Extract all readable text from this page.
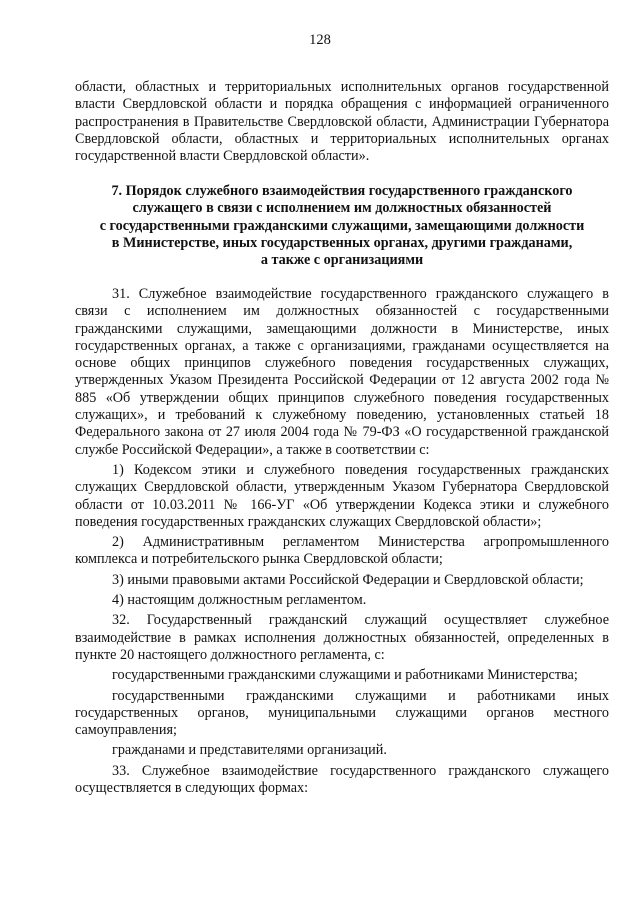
128

области, областных и территориальных исполнительных органов государственной власти Свердловской области и порядка обращения с информацией ограниченного распространения в Правительстве Свердловской области, Администрации Губернатора Свердловской области, областных и территориальных исполнительных органах государственной власти Свердловской области».

7. Порядок служебного взаимодействия государственного гражданского
служащего в связи с исполнением им должностных обязанностей
с государственными гражданскими служащими, замещающими должности
в Министерстве, иных государственных органах, другими гражданами,
а также с организациями

31. Служебное взаимодействие государственного гражданского служащего в связи с исполнением им должностных обязанностей с государственными гражданскими служащими, замещающими должности в Министерстве, иных государственных органах, а также с организациями, гражданами осуществляется на основе общих принципов служебного поведения государственных служащих, утвержденных Указом Президента Российской Федерации от 12 августа 2002 года № 885 «Об утверждении общих принципов служебного поведения государственных служащих», и требований к служебному поведению, установленных статьей 18 Федерального закона от 27 июля 2004 года № 79-ФЗ «О государственной гражданской службе Российской Федерации», а также в соответствии с:

1) Кодексом этики и служебного поведения государственных гражданских служащих Свердловской области, утвержденным Указом Губернатора Свердловской области от 10.03.2011 № 166-УГ «Об утверждении Кодекса этики и служебного поведения государственных гражданских служащих Свердловской области»;

2) Административным регламентом Министерства агропромышленного комплекса и потребительского рынка Свердловской области;

3) иными правовыми актами Российской Федерации и Свердловской области;

4) настоящим должностным регламентом.

32. Государственный гражданский служащий осуществляет служебное взаимодействие в рамках исполнения должностных обязанностей, определенных в пункте 20 настоящего должностного регламента, с:

государственными гражданскими служащими и работниками Министерства;

государственными гражданскими служащими и работниками иных государственных органов, муниципальными служащими органов местного самоуправления;

гражданами и представителями организаций.

33. Служебное взаимодействие государственного гражданского служащего осуществляется в следующих формах:
